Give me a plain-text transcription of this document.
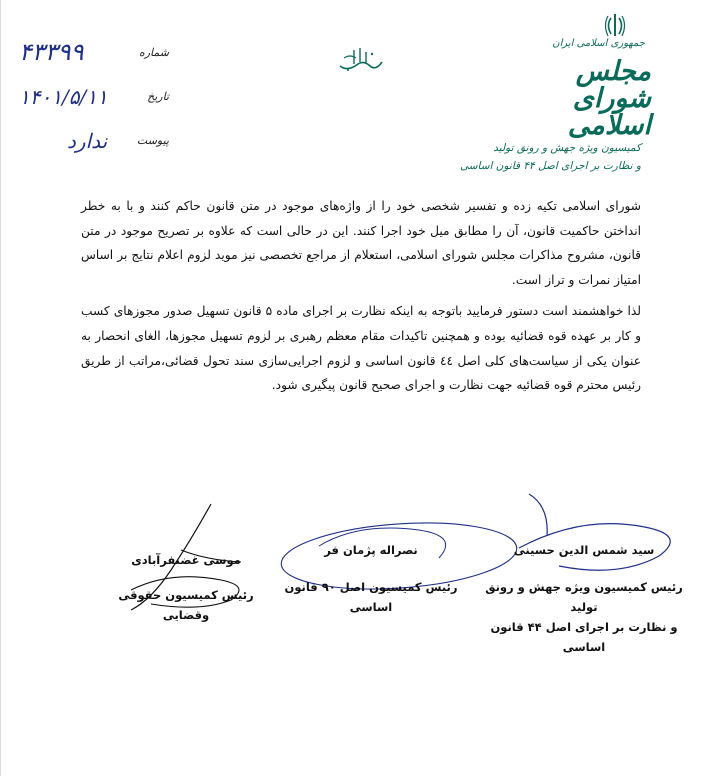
۴۳۳۹۹	شماره
۱۴۰۱/۵/۱۱	تاریخ
ندارد	پیوست
جمهوری اسلامی ایران
مجلس شورای اسلامی
کمیسیون ویژه جهش و رونق تولید
و نظارت بر اجرای اصل ۴۴ قانون اساسی

شورای اسلامی تکیه زده و تفسیر شخصی خود را از واژه‌های موجود در متن قانون حاکم کنند و با به خطر انداختن حاکمیت قانون، آن را مطابق میل خود اجرا کنند. این در حالی است که علاوه بر تصریح موجود در متن قانون، مشروح مذاکرات مجلس شورای اسلامی، استعلام از مراجع تخصصی نیز موید لزوم اعلام نتایج بر اساس امتیاز نمرات و تراز است.

لذا خواهشمند است دستور فرمایید باتوجه به اینکه نظارت بر اجرای ماده ۵ قانون تسهیل صدور مجوزهای کسب و کار بر عهده قوه قضائیه بوده و همچنین تاکیدات مقام معظم رهبری بر لزوم تسهیل مجوزها، الغای انحصار به عنوان یکی از سیاست‌های کلی اصل ٤٤ قانون اساسی و لزوم اجرایی‌سازی سند تحول قضائی،مراتب از طریق رئیس محترم قوه قضائیه جهت نظارت و اجرای صحیح قانون پیگیری شود.

سید شمس الدین حسینی
رئیس کمیسیون ویژه جهش و رونق تولید
و نظارت بر اجرای اصل ۴۴ قانون اساسی
نصراله پژمان فر
رئیس کمیسیون اصل ۹۰ قانون اساسی
موسی غضنفرآبادی
رئیس کمیسیون حقوقی وقضایی
